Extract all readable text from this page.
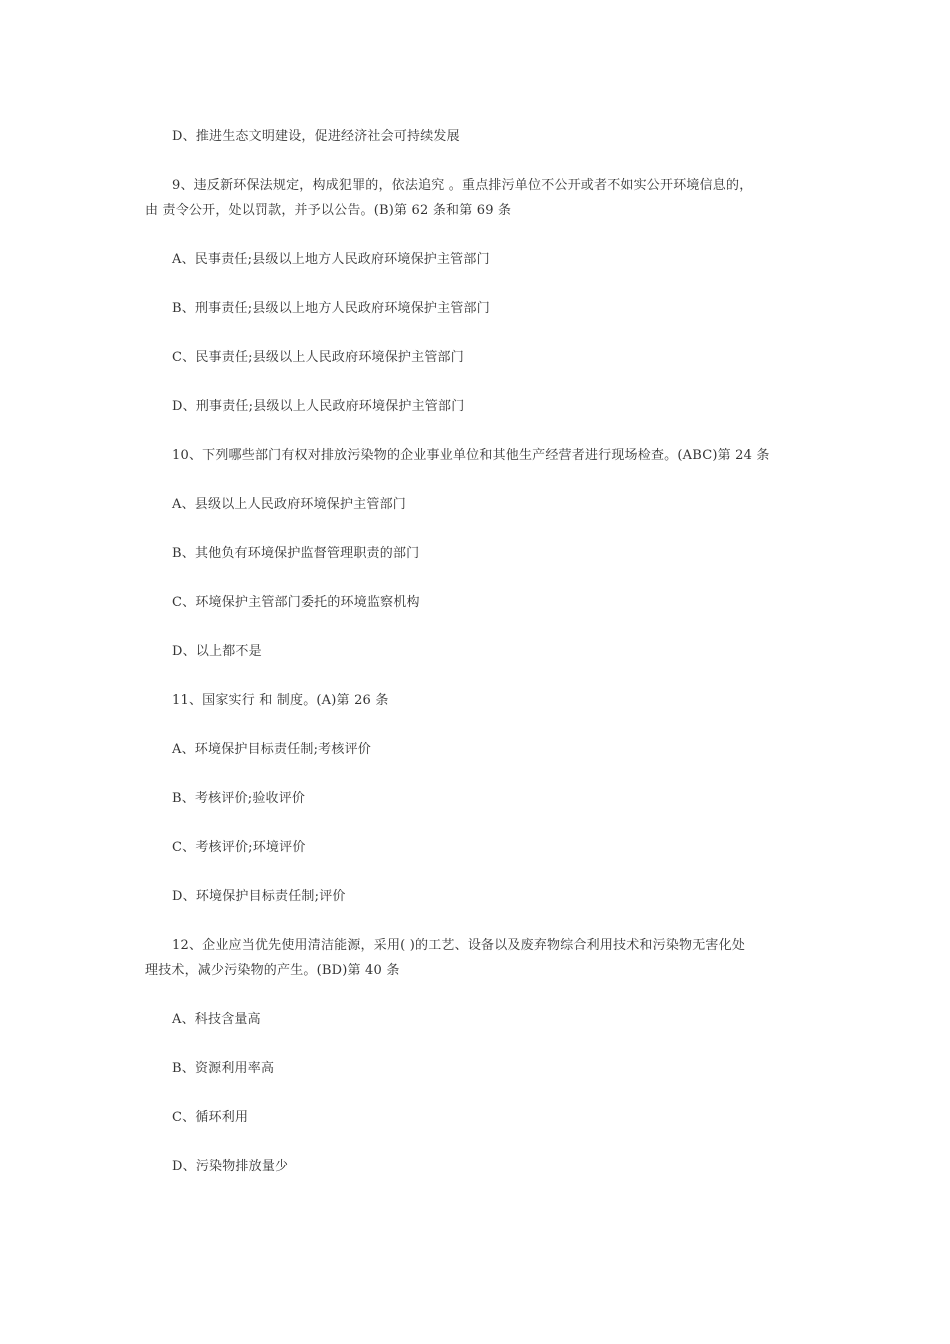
D、推进生态文明建设，促进经济社会可持续发展
9、违反新环保法规定，构成犯罪的，依法追究 。重点排污单位不公开或者不如实公开环境信息的，
由 责令公开，处以罚款，并予以公告。(B)第 62 条和第 69 条
A、民事责任;县级以上地方人民政府环境保护主管部门
B、刑事责任;县级以上地方人民政府环境保护主管部门
C、民事责任;县级以上人民政府环境保护主管部门
D、刑事责任;县级以上人民政府环境保护主管部门
10、下列哪些部门有权对排放污染物的企业事业单位和其他生产经营者进行现场检查。(ABC)第 24 条
A、县级以上人民政府环境保护主管部门
B、其他负有环境保护监督管理职责的部门
C、环境保护主管部门委托的环境监察机构
D、以上都不是
11、国家实行 和 制度。(A)第 26 条
A、环境保护目标责任制;考核评价
B、考核评价;验收评价
C、考核评价;环境评价
D、环境保护目标责任制;评价
12、企业应当优先使用清洁能源，采用( )的工艺、设备以及废弃物综合利用技术和污染物无害化处
理技术，减少污染物的产生。(BD)第 40 条
A、科技含量高
B、资源利用率高
C、循环利用
D、污染物排放量少
